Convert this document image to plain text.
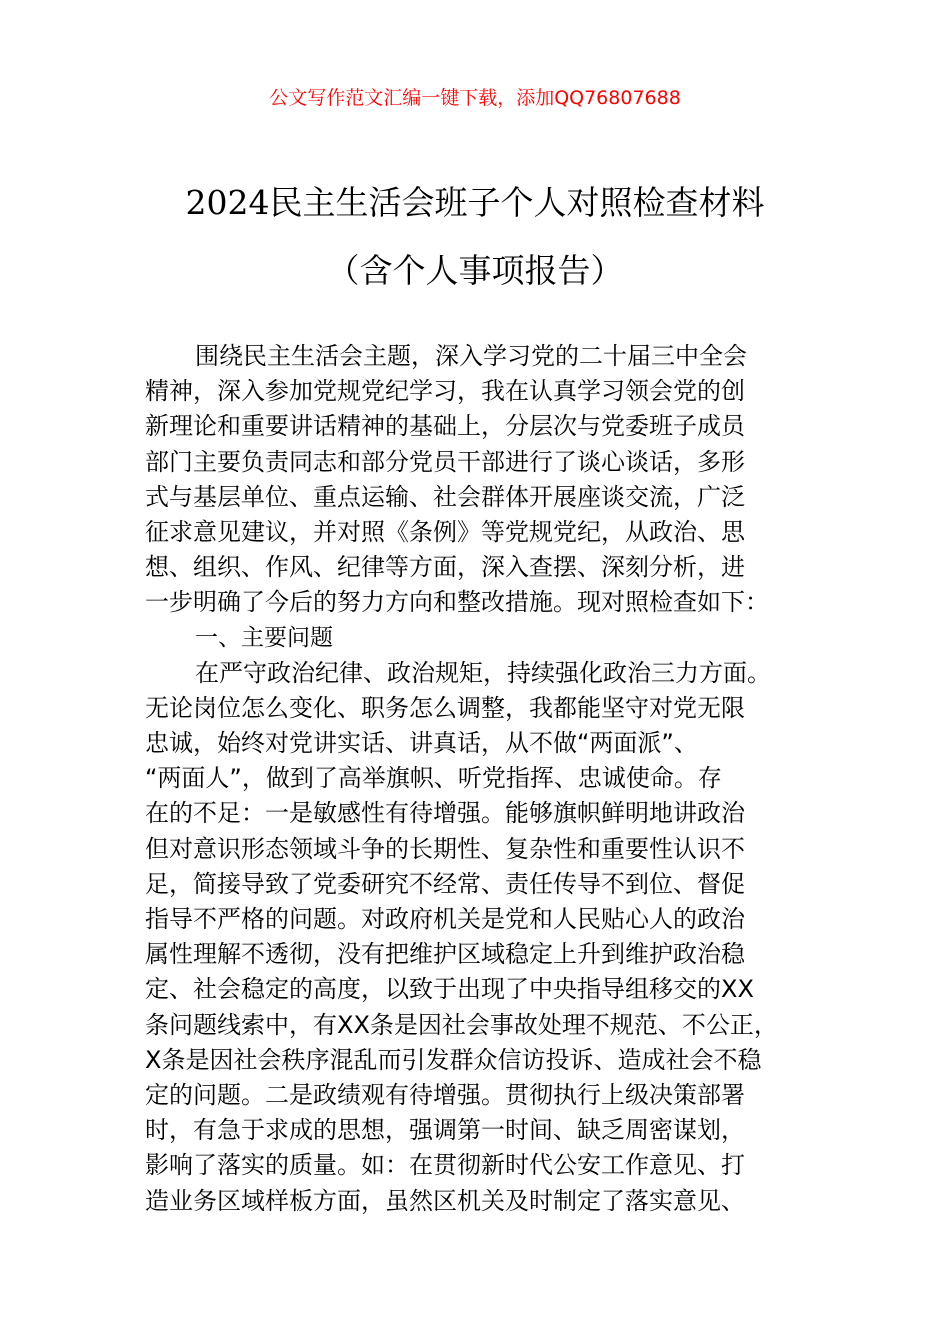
公文写作范文汇编一键下载，添加QQ76807688
2024民主生活会班子个人对照检查材料
（含个人事项报告）
围绕民主生活会主题，深入学习党的二十届三中全会
精神，深入参加党规党纪学习，我在认真学习领会党的创
新理论和重要讲话精神的基础上，分层次与党委班子成员
部门主要负责同志和部分党员干部进行了谈心谈话，多形
式与基层单位、重点运输、社会群体开展座谈交流，广泛
征求意见建议，并对照《条例》等党规党纪，从政治、思
想、组织、作风、纪律等方面，深入查摆、深刻分析，进
一步明确了今后的努力方向和整改措施。现对照检查如下：
一、主要问题
在严守政治纪律、政治规矩，持续强化政治三力方面。
无论岗位怎么变化、职务怎么调整，我都能坚守对党无限
忠诚，始终对党讲实话、讲真话，从不做“两面派”、
“两面人”，做到了高举旗帜、听党指挥、忠诚使命。存
在的不足：一是敏感性有待增强。能够旗帜鲜明地讲政治
但对意识形态领域斗争的长期性、复杂性和重要性认识不
足，简接导致了党委研究不经常、责任传导不到位、督促
指导不严格的问题。对政府机关是党和人民贴心人的政治
属性理解不透彻，没有把维护区域稳定上升到维护政治稳
定、社会稳定的高度，以致于出现了中央指导组移交的XX
条问题线索中，有XX条是因社会事故处理不规范、不公正，
X条是因社会秩序混乱而引发群众信访投诉、造成社会不稳
定的问题。二是政绩观有待增强。贯彻执行上级决策部署
时，有急于求成的思想，强调第一时间、缺乏周密谋划，
影响了落实的质量。如：在贯彻新时代公安工作意见、打
造业务区域样板方面，虽然区机关及时制定了落实意见、
